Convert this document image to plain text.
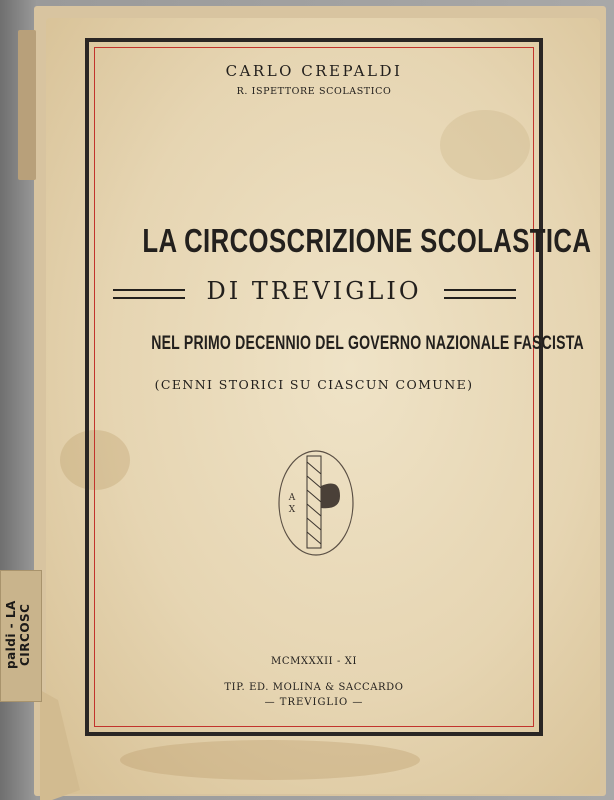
paldi - LA CIRCOSC
CARLO CREPALDI
R. ISPETTORE SCOLASTICO
LA CIRCOSCRIZIONE SCOLASTICA
DI TREVIGLIO
NEL PRIMO DECENNIO DEL GOVERNO NAZIONALE FASCISTA
(CENNI STORICI SU CIASCUN COMUNE)
A
X
MCMXXXII - XI
TIP. ED. MOLINA & SACCARDO
— TREVIGLIO —
